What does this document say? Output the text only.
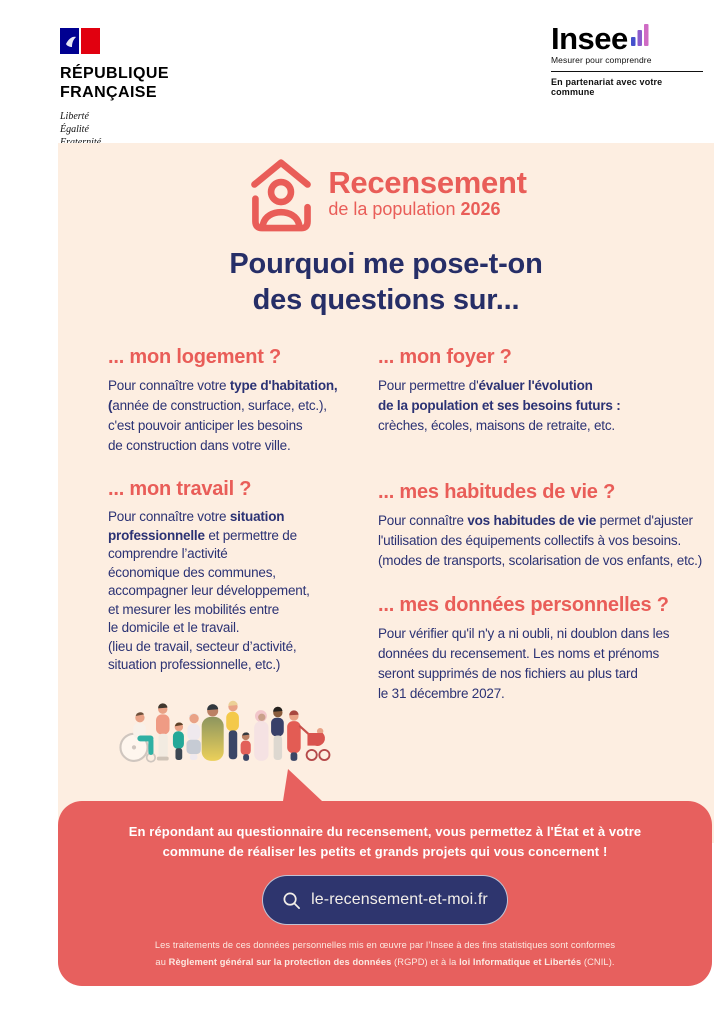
RÉPUBLIQUE
FRANÇAISE
Liberté
Égalité
Insee
Mesurer pour comprendre
En partenariat avec votre commune
Recensement
de la population 2026
Pourquoi me pose-t-on
des questions sur...
... mon logement ?
Pour connaître votre type d'habitation,
(année de construction, surface, etc.),
c'est pouvoir anticiper les besoins
de construction dans votre ville.
... mon foyer ?
Pour permettre d'évaluer l'évolution
de la population et ses besoins futurs :
crèches, écoles, maisons de retraite, etc.
... mon travail ?
Pour connaître votre situation
professionnelle et permettre de
comprendre l’activité
économique des communes,
accompagner leur développement,
et mesurer les mobilités entre
le domicile et le travail.
(lieu de travail, secteur d’activité,
situation professionnelle, etc.)
... mes habitudes de vie ?
Pour connaître vos habitudes de vie permet d'ajuster
l'utilisation des équipements collectifs à vos besoins.
(modes de transports, scolarisation de vos enfants, etc.)
... mes données personnelles ?
Pour vérifier qu'il n'y a ni oubli, ni doublon dans les
données du recensement. Les noms et prénoms
seront supprimés de nos fichiers au plus tard
le 31 décembre 2027.
En répondant au questionnaire du recensement, vous permettez à l'État et à votre
commune de réaliser les petits et grands projets qui vous concernent !
le-recensement-et-moi.fr
Les traitements de ces données personnelles mis en œuvre par l’Insee à des fins statistiques sont conformes
au Règlement général sur la protection des données (RGPD) et à la loi Informatique et Libertés (CNIL).
